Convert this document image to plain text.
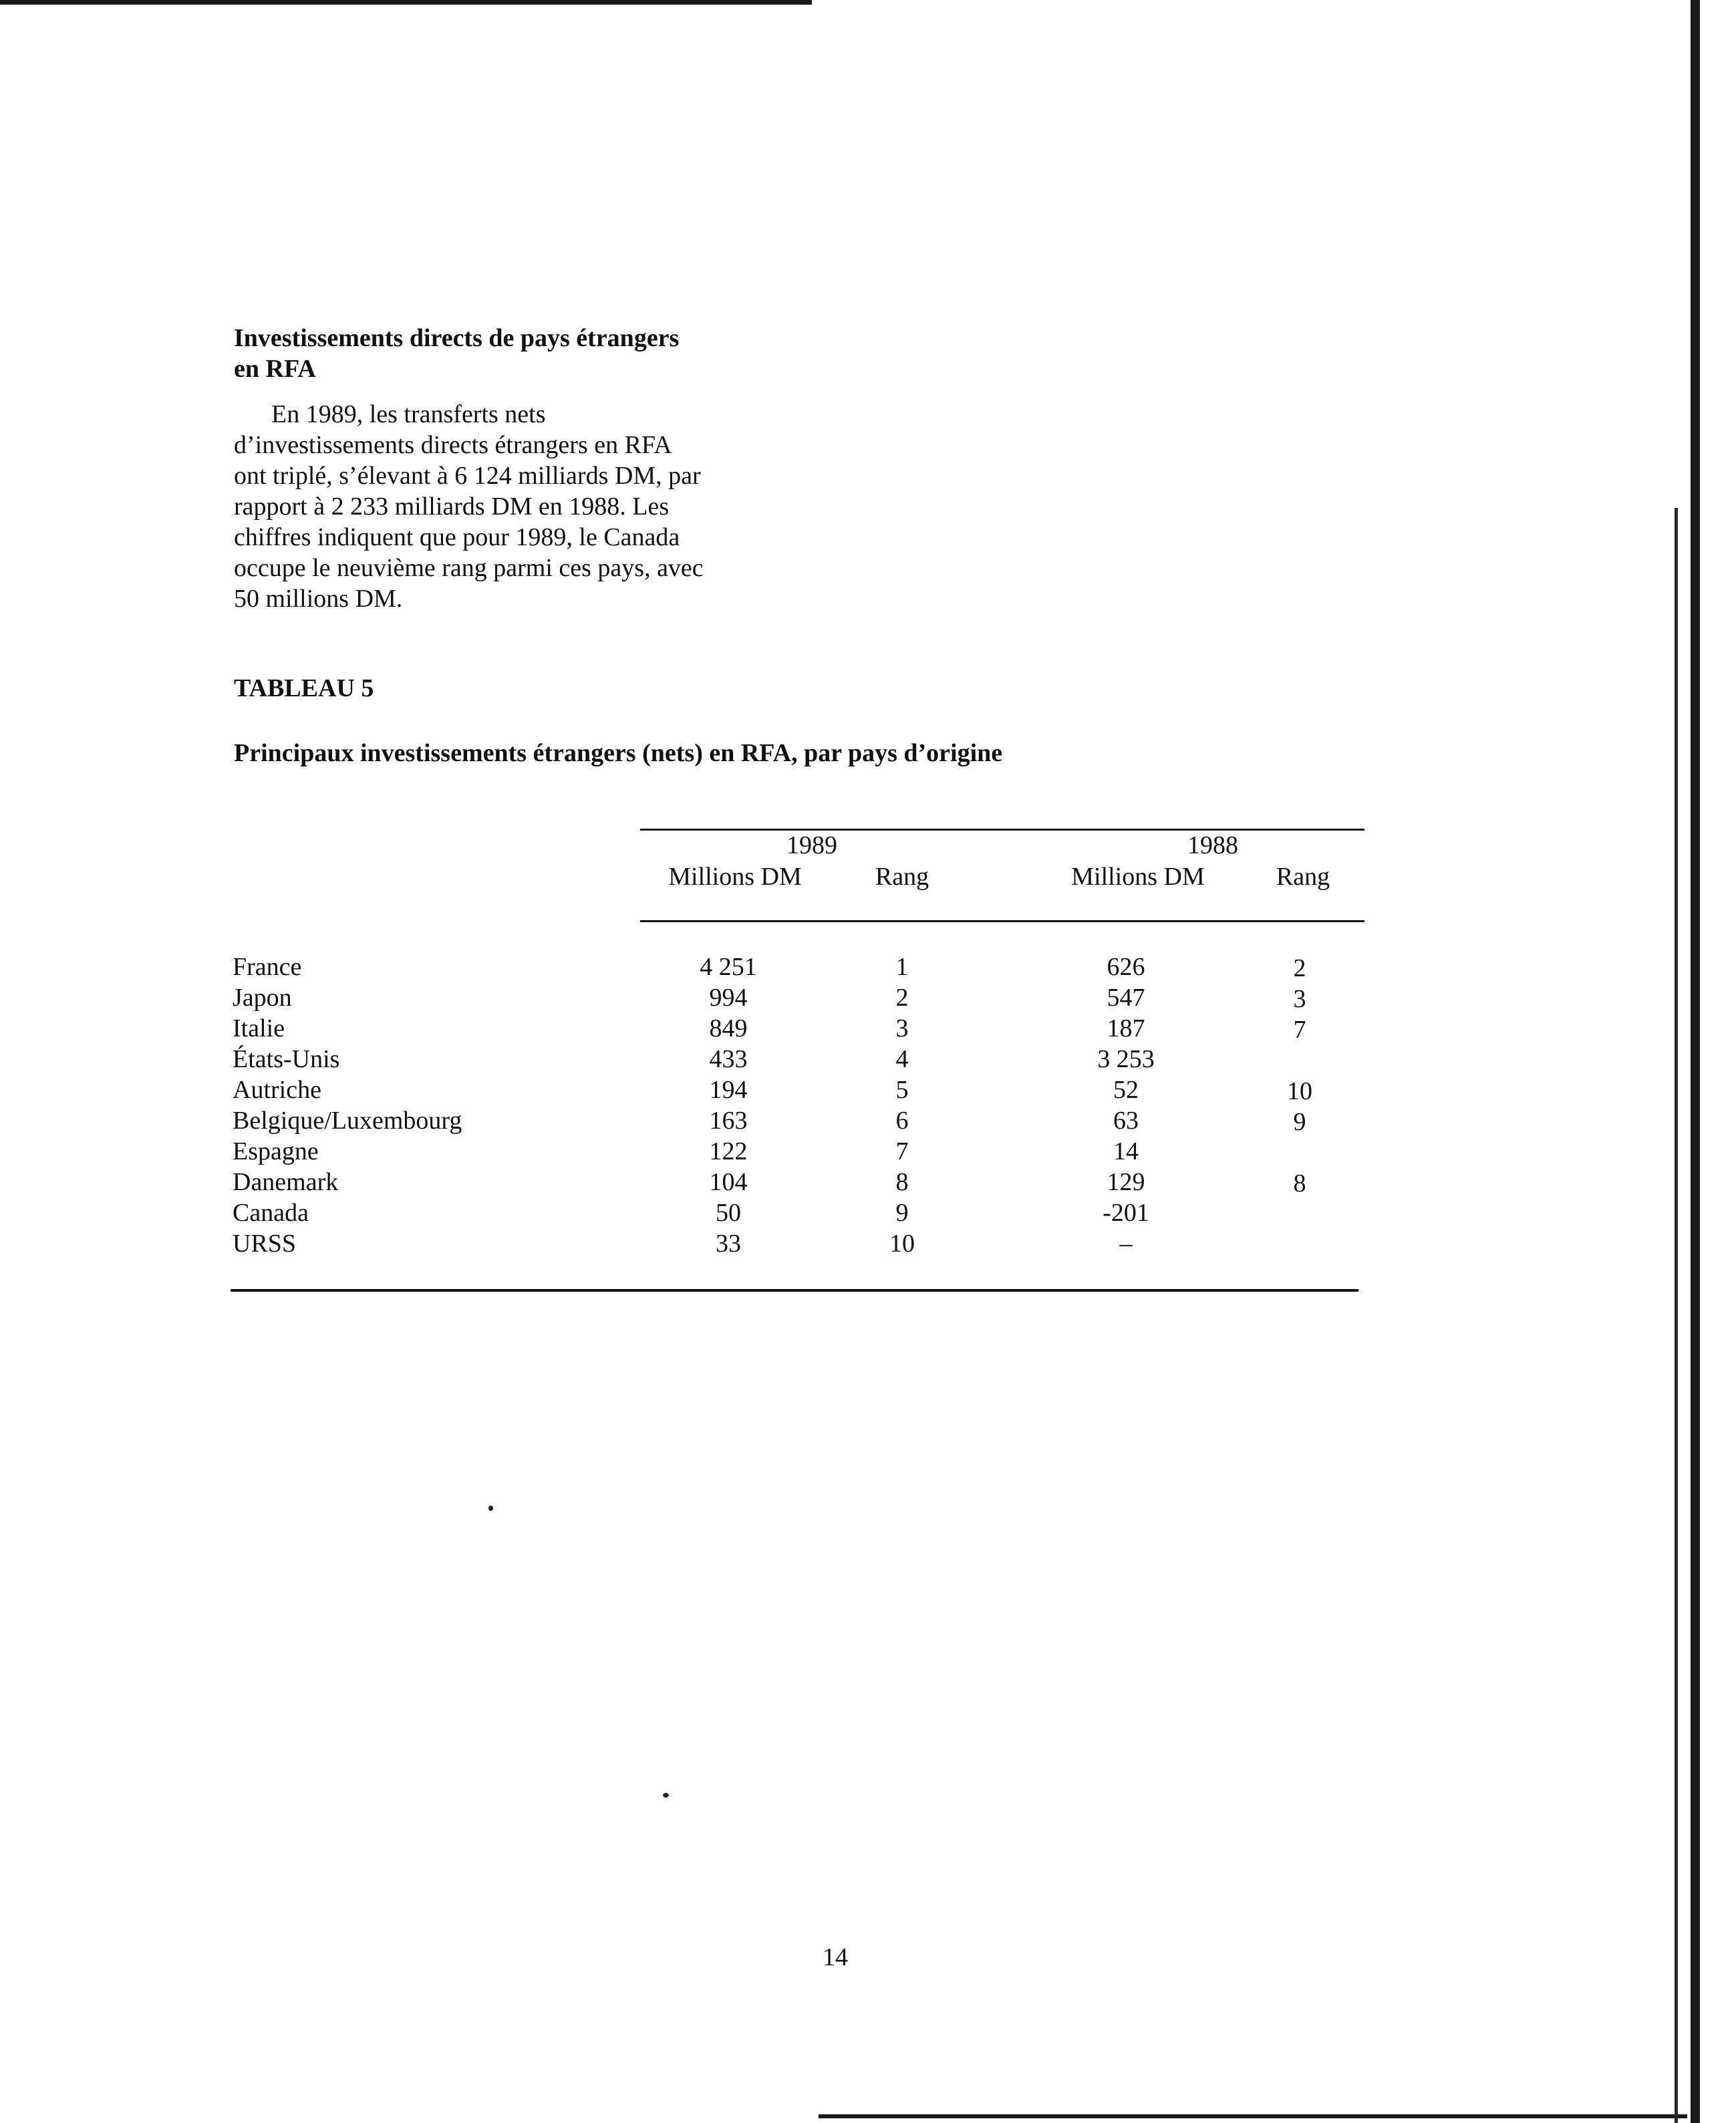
Investissements directs de pays étrangers
en RFA

En 1989, les transferts nets
d’investissements directs étrangers en RFA
ont triplé, s’élevant à 6 124 milliards DM, par
rapport à 2 233 milliards DM en 1988. Les
chiffres indiquent que pour 1989, le Canada
occupe le neuvième rang parmi ces pays, avec
50 millions DM.

TABLEAU 5
Principaux investissements étrangers (nets) en RFA, par pays d’origine
1989	1988
Millions DM	Rang	Millions DM	Rang
France	4 251	1	626	2
Japon	994	2	547	3
Italie	849	3	187	7
États-Unis	433	4	3 253
Autriche	194	5	52	10
Belgique/Luxembourg	163	6	63	9
Espagne	122	7	14
Danemark	104	8	129	8
Canada	50	9	-201
URSS	33	10	–

14
